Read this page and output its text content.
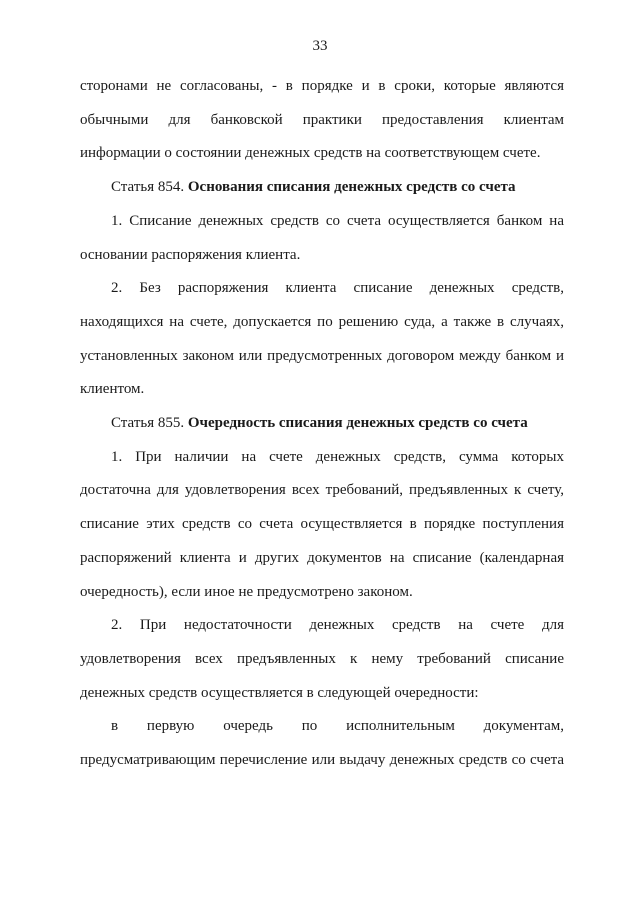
33

сторонами не согласованы, - в порядке и в сроки, которые являются обычными для банковской практики предоставления клиентам информации о состоянии денежных средств на соответствующем счете.

Статья 854. Основания списания денежных средств со счета

1. Списание денежных средств со счета осуществляется банком на основании распоряжения клиента.

2. Без распоряжения клиента списание денежных средств, находящихся на счете, допускается по решению суда, а также в случаях, установленных законом или предусмотренных договором между банком и клиентом.

Статья 855. Очередность списания денежных средств со счета

1. При наличии на счете денежных средств, сумма которых достаточна для удовлетворения всех требований, предъявленных к счету, списание этих средств со счета осуществляется в порядке поступления распоряжений клиента и других документов на списание (календарная очередность), если иное не предусмотрено законом.

2. При недостаточности денежных средств на счете для удовлетворения всех предъявленных к нему требований списание денежных средств осуществляется в следующей очередности:

в первую очередь по исполнительным документам, предусматривающим перечисление или выдачу денежных средств со счета
